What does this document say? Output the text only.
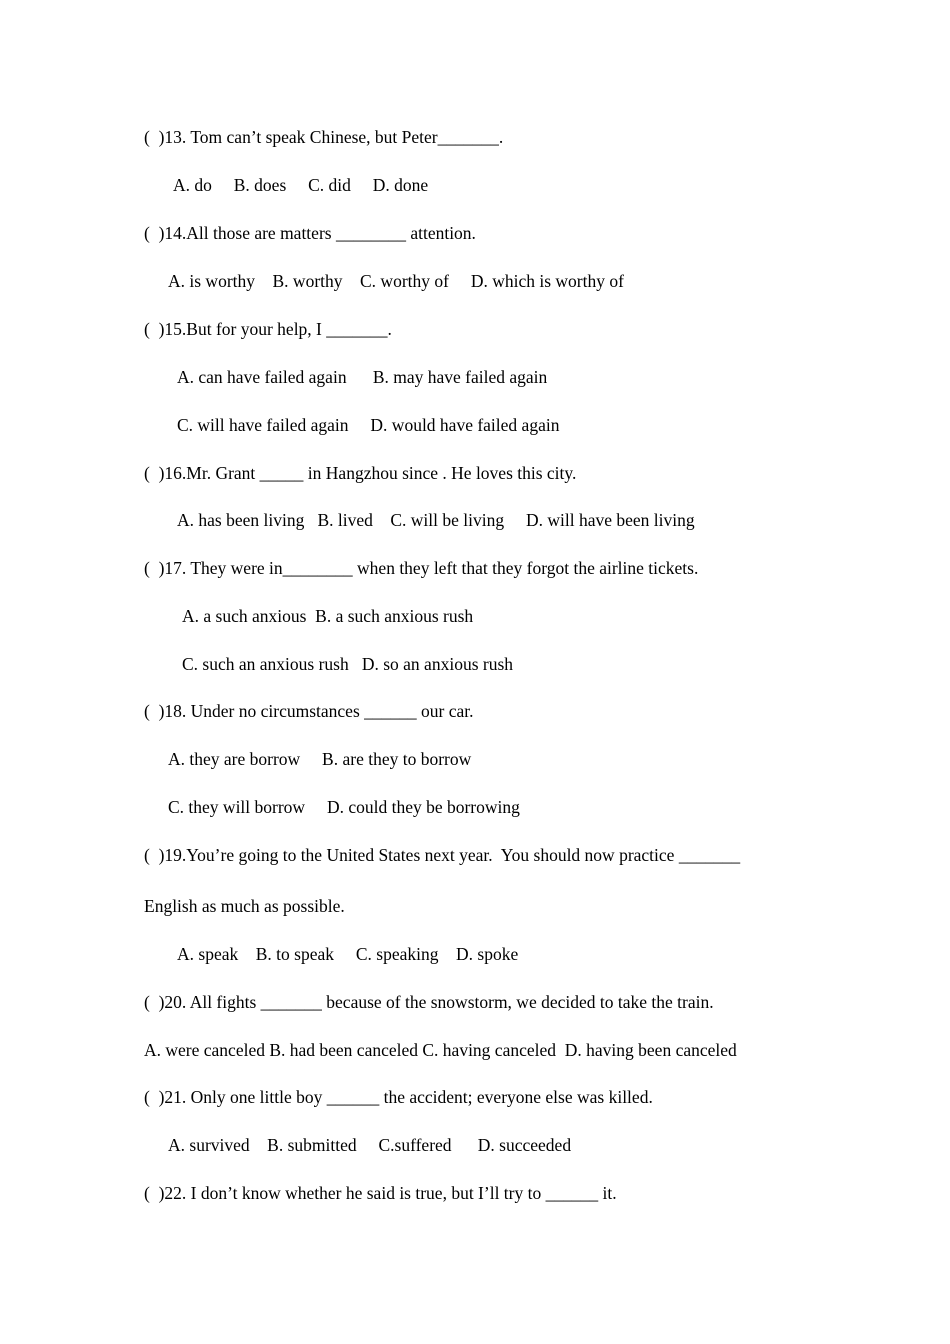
(  )13. Tom can’t speak Chinese, but Peter_______.
A. do     B. does     C. did     D. done
(  )14.All those are matters ________ attention.
A. is worthy    B. worthy    C. worthy of     D. which is worthy of
(  )15.But for your help, I _______.
A. can have failed again      B. may have failed again
C. will have failed again     D. would have failed again
(  )16.Mr. Grant _____ in Hangzhou since . He loves this city.
A. has been living   B. lived    C. will be living     D. will have been living
(  )17. They were in________ when they left that they forgot the airline tickets.
A. a such anxious  B. a such anxious rush
C. such an anxious rush   D. so an anxious rush
(  )18. Under no circumstances ______ our car.
A. they are borrow     B. are they to borrow
C. they will borrow     D. could they be borrowing
(  )19.You’re going to the United States next year.  You should now practice _______
English as much as possible.
A. speak    B. to speak     C. speaking    D. spoke
(  )20. All fights _______ because of the snowstorm, we decided to take the train.
A. were canceled B. had been canceled C. having canceled  D. having been canceled
(  )21. Only one little boy ______ the accident; everyone else was killed.
A. survived    B. submitted     C.suffered      D. succeeded
(  )22. I don’t know whether he said is true, but I’ll try to ______ it.
